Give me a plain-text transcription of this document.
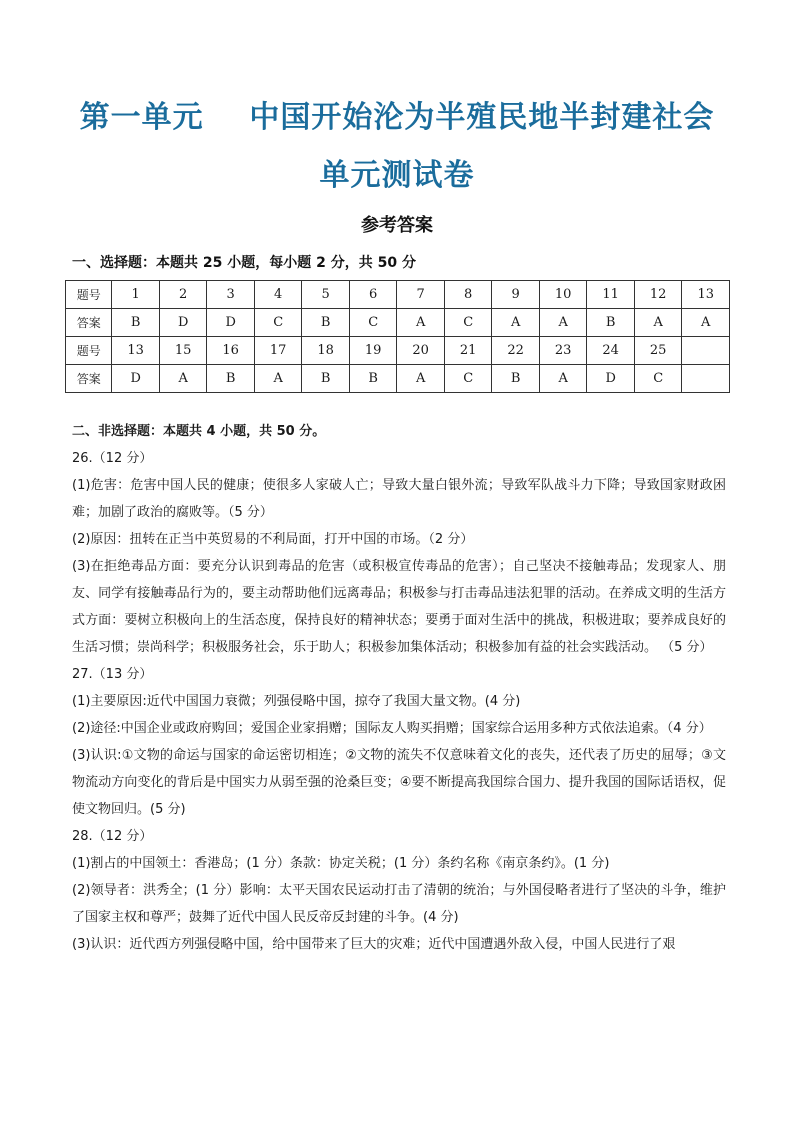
第一单元    中国开始沦为半殖民地半封建社会
单元测试卷
参考答案
一、选择题：本题共 25 小题，每小题 2 分，共 50 分
题号	1	2	3	4	5	6	7	8	9	10	11	12	13
答案	B	D	D	C	B	C	A	C	A	A	B	A	A
题号	13	15	16	17	18	19	20	21	22	23	24	25	
答案	D	A	B	A	B	B	A	C	B	A	D	C	

二、非选择题：本题共 4 小题，共 50 分。

26.（12 分）

(1)危害：危害中国人民的健康；使很多人家破人亡；导致大量白银外流；导致军队战斗力下降；导致国家财政困难；加剧了政治的腐败等。（5 分）

(2)原因：扭转在正当中英贸易的不利局面，打开中国的市场。（2 分）

(3)在拒绝毒品方面：要充分认识到毒品的危害（或积极宣传毒品的危害）；自己坚决不接触毒品；发现家人、朋友、同学有接触毒品行为的，要主动帮助他们远离毒品；积极参与打击毒品违法犯罪的活动。在养成文明的生活方式方面：要树立积极向上的生活态度，保持良好的精神状态；要勇于面对生活中的挑战，积极进取；要养成良好的生活习惯；崇尚科学；积极服务社会，乐于助人；积极参加集体活动；积极参加有益的社会实践活动。 （5 分）

27.（13 分）

(1)主要原因:近代中国国力衰微；列强侵略中国，掠夺了我国大量文物。(4 分)

(2)途径:中国企业或政府购回；爱国企业家捐赠；国际友人购买捐赠；国家综合运用多种方式依法追索。（4 分）

(3)认识:①文物的命运与国家的命运密切相连；②文物的流失不仅意味着文化的丧失，还代表了历史的屈辱；③文物流动方向变化的背后是中国实力从弱至强的沧桑巨变；④要不断提高我国综合国力、提升我国的国际话语权，促使文物回归。(5 分)

28.（12 分）

(1)割占的中国领土：香港岛；(1 分）条款：协定关税；(1 分）条约名称《南京条约》。(1 分)

(2)领导者：洪秀全；(1 分）影响：太平天国农民运动打击了清朝的统治；与外国侵略者进行了坚决的斗争，维护了国家主权和尊严；鼓舞了近代中国人民反帝反封建的斗争。(4 分)

(3)认识：近代西方列强侵略中国，给中国带来了巨大的灾难；近代中国遭遇外敌入侵，中国人民进行了艰
